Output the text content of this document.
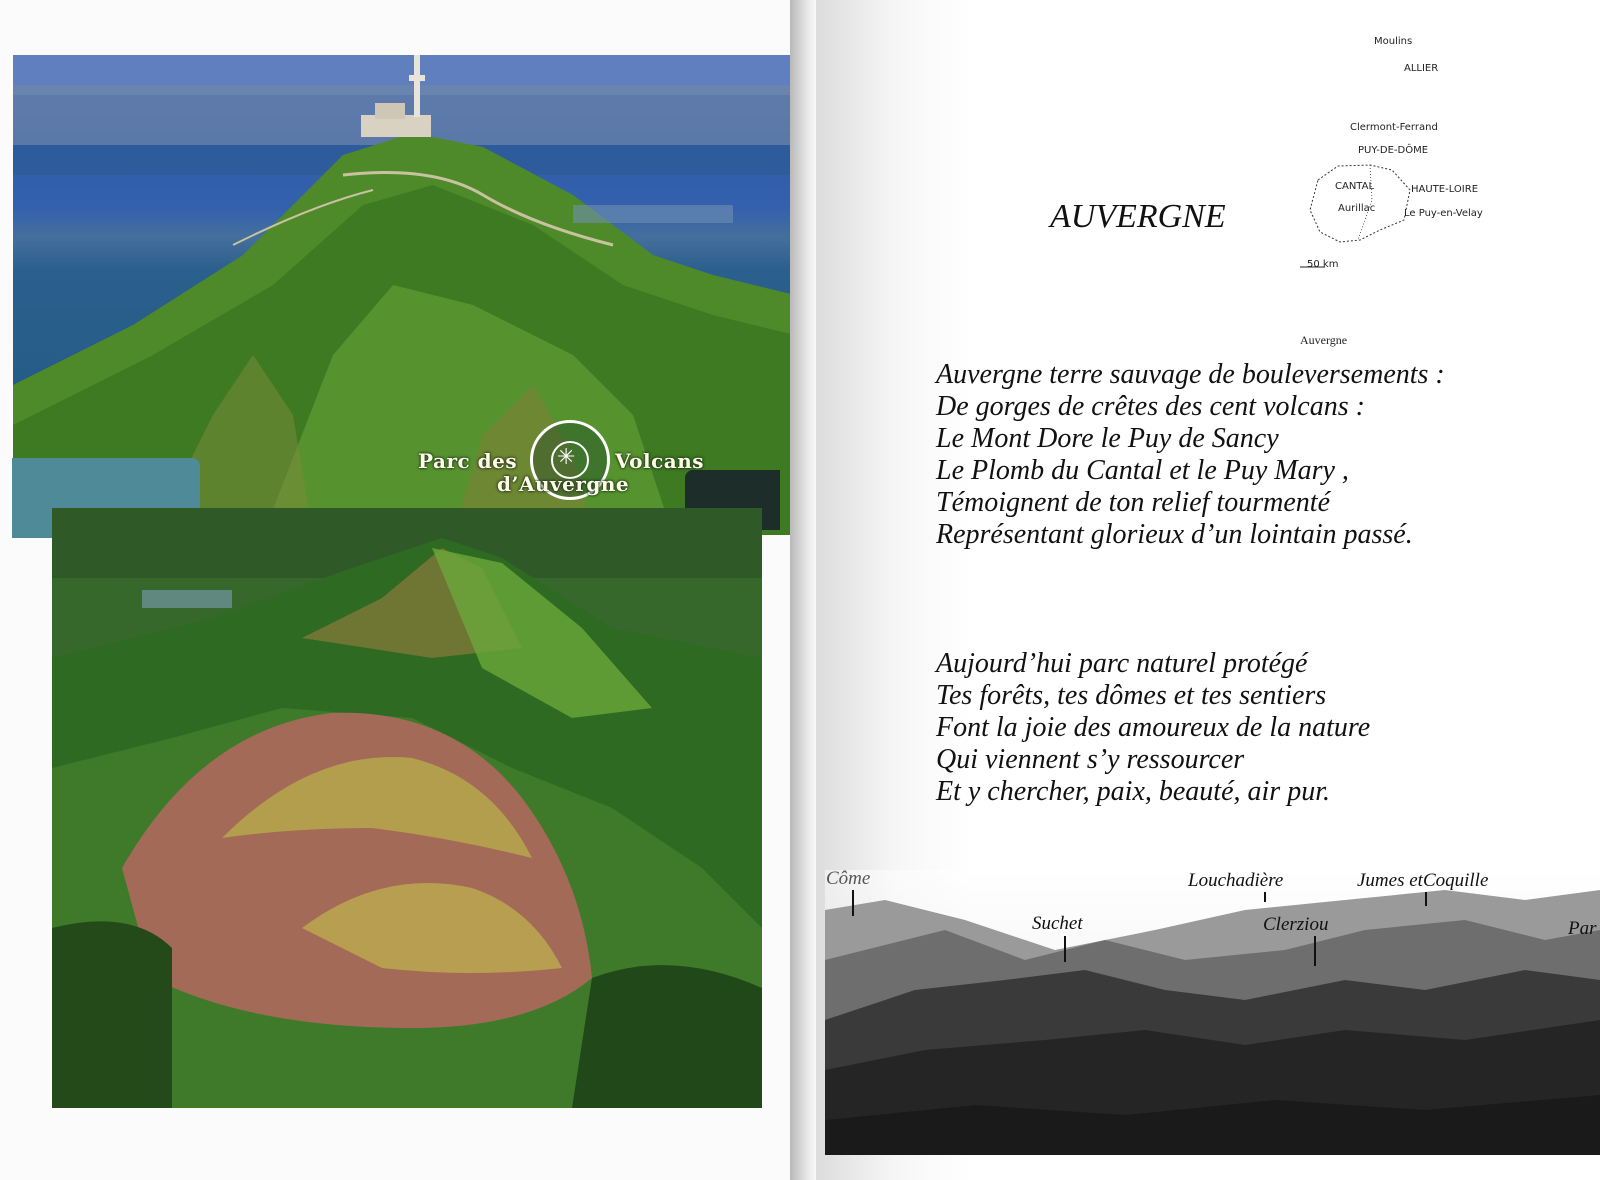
✳
Parc des	Volcans
d’Auvergne
AUVERGNE
Moulins
ALLIER
Clermont-Ferrand
PUY-DE-DÔME
CANTAL	HAUTE-LOIRE
Aurillac	Le Puy-en-Velay
50 km
Auvergne
Auvergne terre sauvage de bouleversements :
De gorges de crêtes des cent volcans :
Le Mont Dore le Puy de Sancy
Le Plomb du Cantal et le Puy Mary ,
Témoignent de ton relief tourmenté
Représentant glorieux d’un lointain passé.
Aujourd’hui parc naturel protégé
Tes forêts, tes dômes et tes sentiers
Font la joie des amoureux de la nature
Qui viennent s’y ressourcer
Et y chercher, paix, beauté, air pur.
Côme
Suchet
Louchadière
Clerziou
Jumes etCoquille
Par
